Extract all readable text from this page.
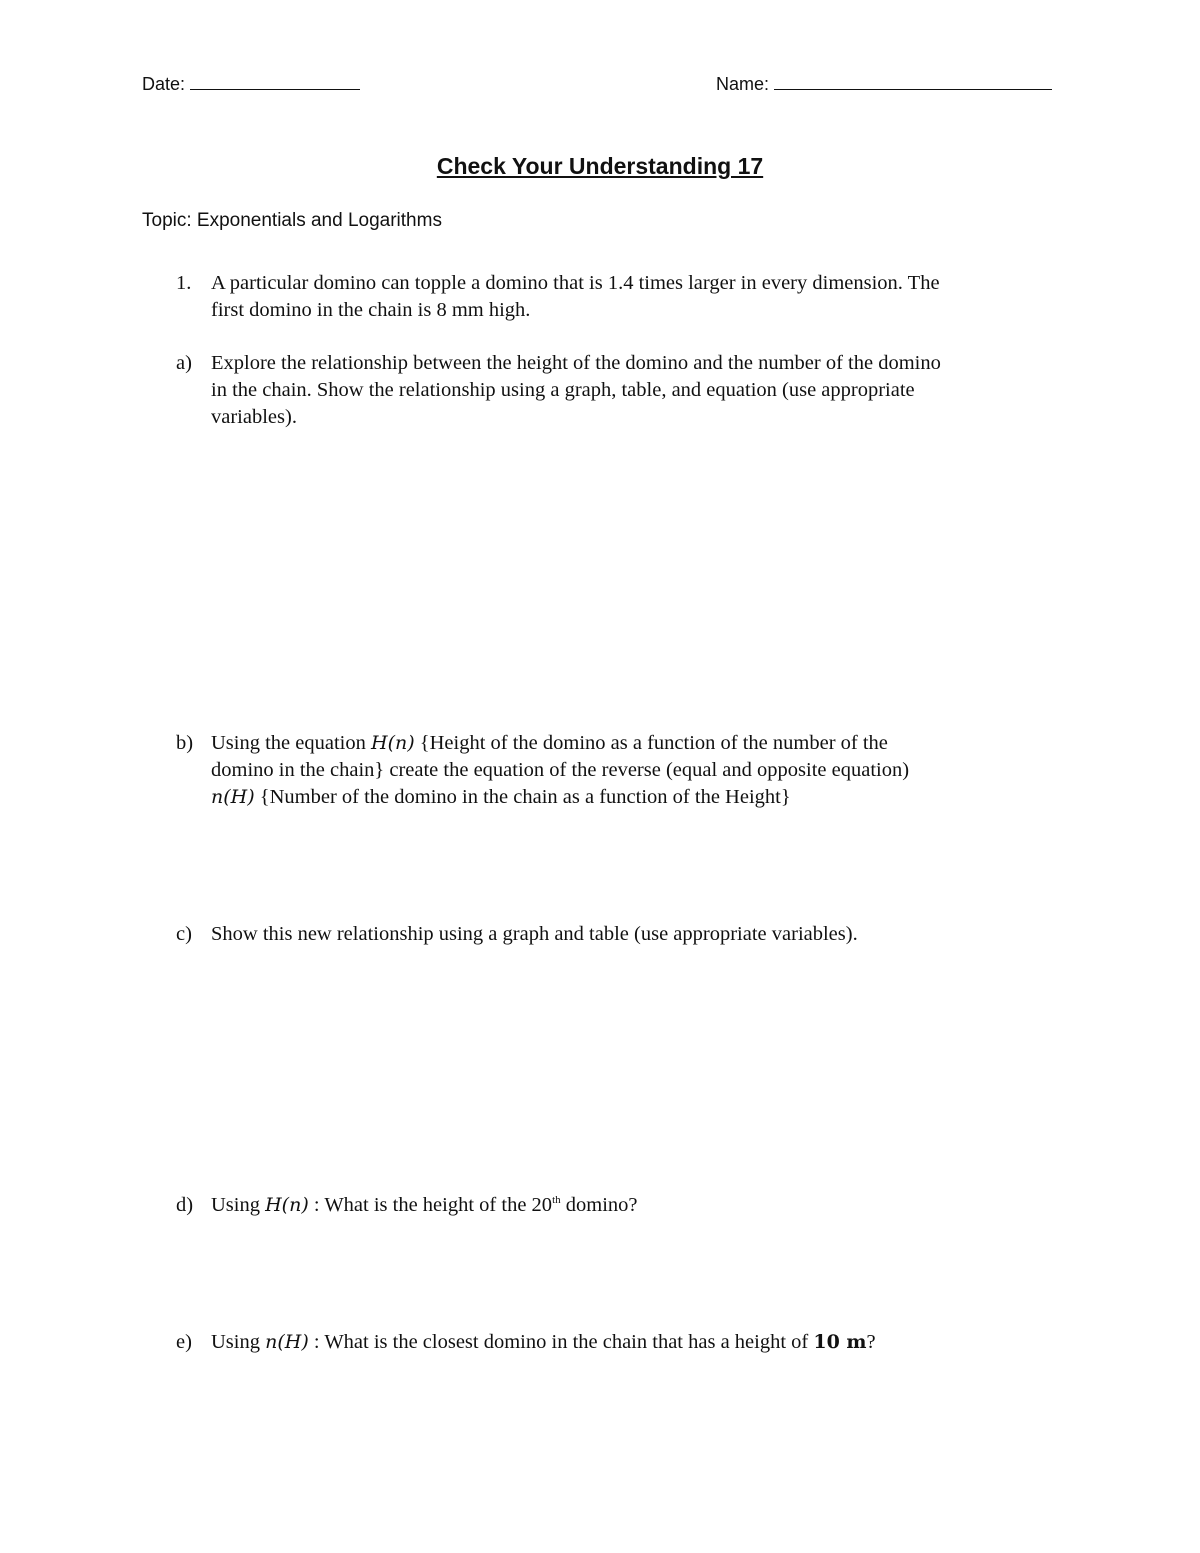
Date:	Name:
Check Your Understanding 17
Topic: Exponentials and Logarithms
1. A particular domino can topple a domino that is 1.4 times larger in every dimension. The
first domino in the chain is 8 mm high.
a) Explore the relationship between the height of the domino and the number of the domino
in the chain. Show the relationship using a graph, table, and equation (use appropriate
variables).
b) Using the equation H(n) {Height of the domino as a function of the number of the
domino in the chain} create the equation of the reverse (equal and opposite equation)
n(H) {Number of the domino in the chain as a function of the Height}
c) Show this new relationship using a graph and table (use appropriate variables).
d) Using H(n) : What is the height of the 20th domino?
e) Using n(H) : What is the closest domino in the chain that has a height of 10 m?
